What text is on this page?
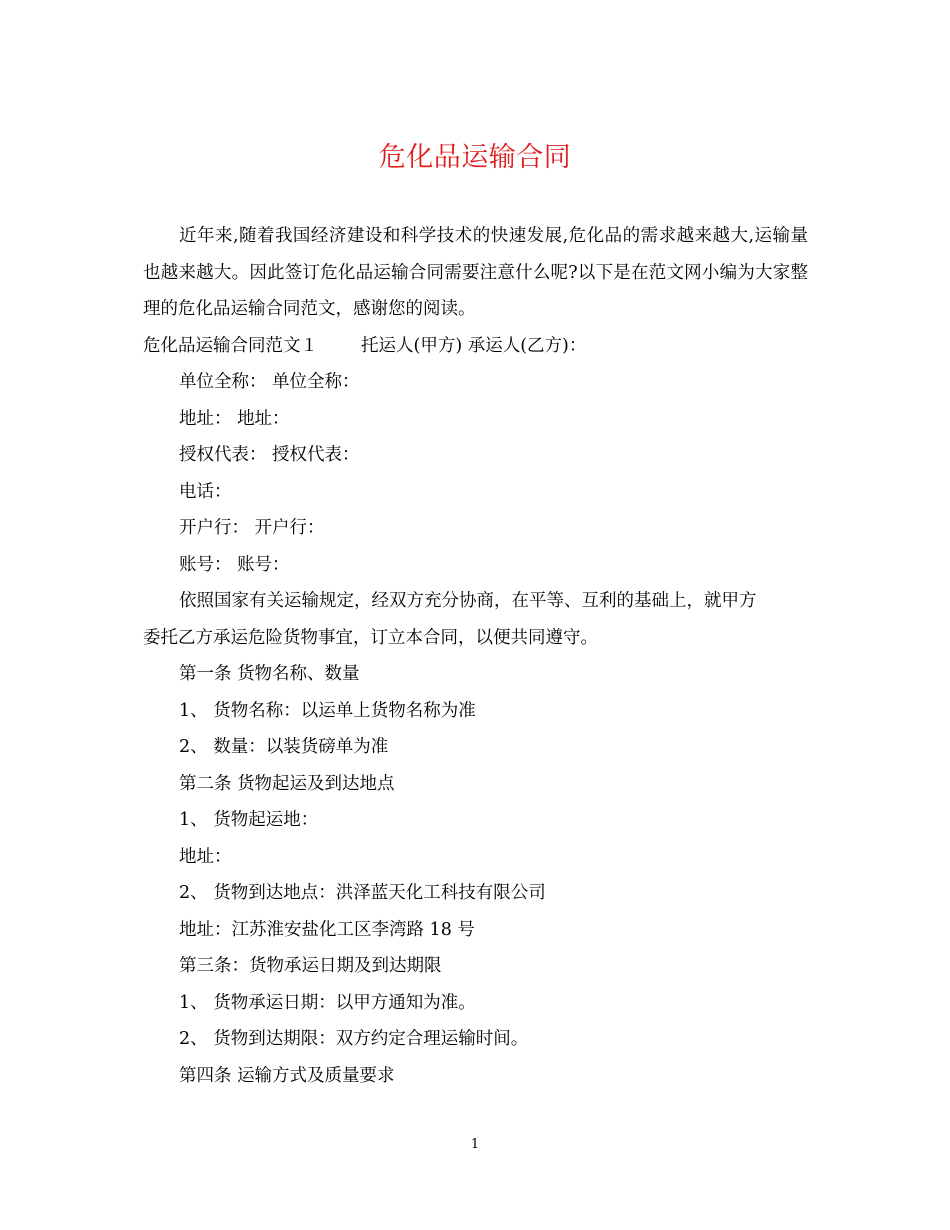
危化品运输合同

近年来,随着我国经济建设和科学技术的快速发展,危化品的需求越来越大,运输量也越来越大。因此签订危化品运输合同需要注意什么呢?以下是在范文网小编为大家整理的危化品运输合同范文，感谢您的阅读。

危化品运输合同范文１ 托运人(甲方) 承运人(乙方)：
单位全称： 单位全称：
地址： 地址：
授权代表： 授权代表：
电话：
开户行： 开户行：
账号： 账号：
依照国家有关运输规定，经双方充分协商，在平等、互利的基础上，就甲方
委托乙方承运危险货物事宜，订立本合同，以便共同遵守。
第一条 货物名称、数量
1、 货物名称：以运单上货物名称为准
2、 数量：以装货磅单为准
第二条 货物起运及到达地点
1、 货物起运地：
地址：
2、 货物到达地点：洪泽蓝天化工科技有限公司
地址：江苏淮安盐化工区李湾路 18 号
第三条：货物承运日期及到达期限
1、 货物承运日期：以甲方通知为准。
2、 货物到达期限：双方约定合理运输时间。
第四条 运输方式及质量要求
1
